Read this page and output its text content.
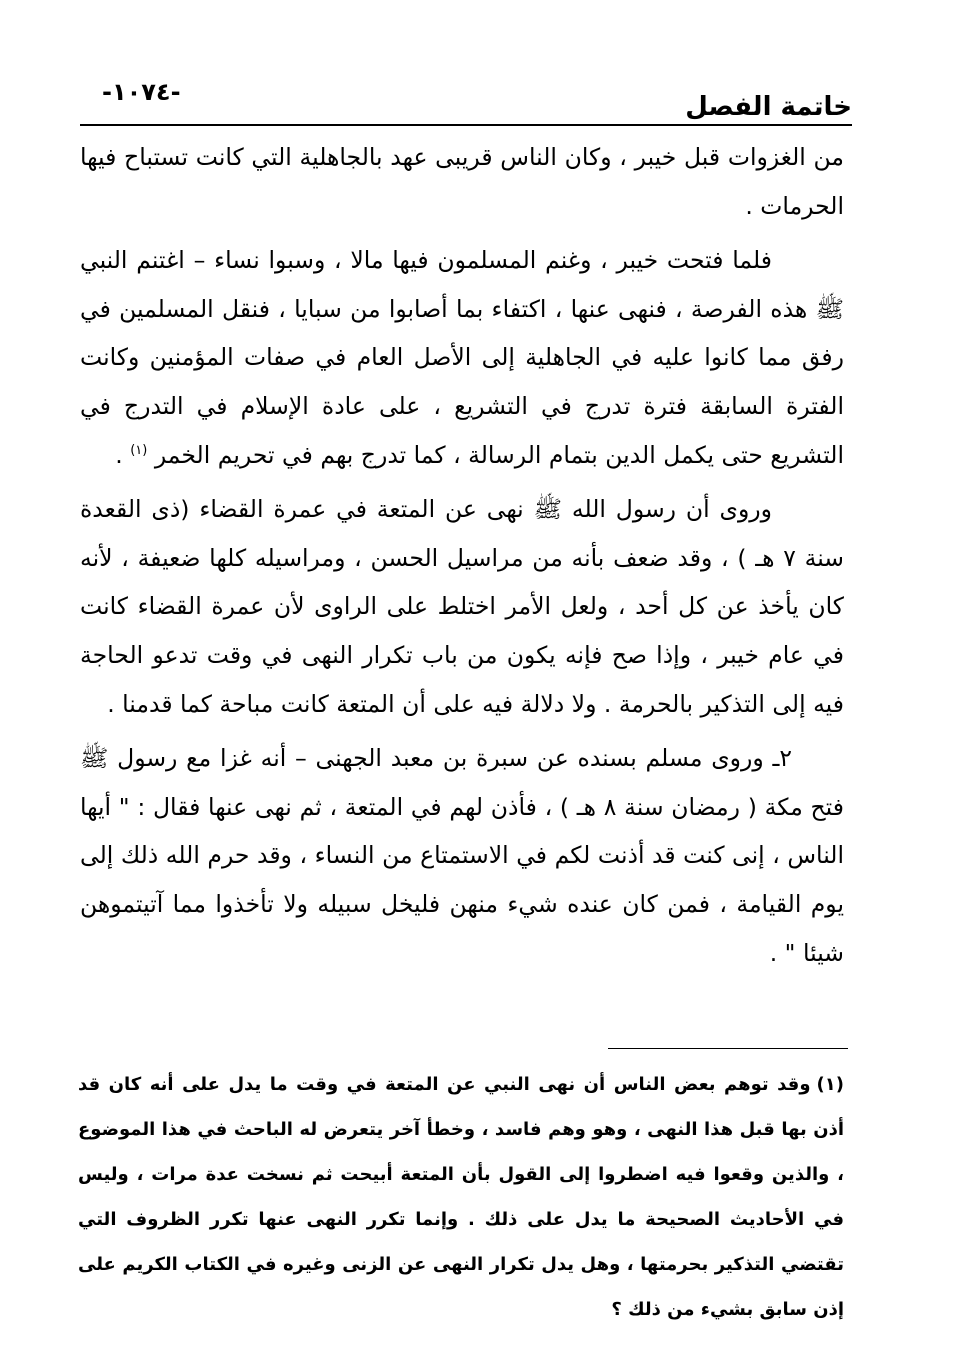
-١٠٧٤-	خاتمة الفصل

من الغزوات قبل خيبر ، وكان الناس قريبى عهد بالجاهلية التي كانت تستباح فيها الحرمات .

فلما فتحت خيبر ، وغنم المسلمون فيها مالا ، وسبوا نساء – اغتنم النبي ﷺ هذه الفرصة ، فنهى عنها ، اكتفاء بما أصابوا من سبايا ، فنقل المسلمين في رفق مما كانوا عليه في الجاهلية إلى الأصل العام في صفات المؤمنين وكانت الفترة السابقة فترة تدرج في التشريع ، على عادة الإسلام في التدرج في التشريع حتى يكمل الدين بتمام الرسالة ، كما تدرج بهم في تحريم الخمر $^{(١)}$ .

وروى أن رسول الله ﷺ نهى عن المتعة في عمرة القضاء (ذى القعدة سنة ٧ هـ ) ، وقد ضعف بأنه من مراسيل الحسن ، ومراسيله كلها ضعيفة ، لأنه كان يأخذ عن كل أحد ، ولعل الأمر اختلط على الراوى لأن عمرة القضاء كانت في عام خيبر ، وإذا صح فإنه يكون من باب تكرار النهى في وقت تدعو الحاجة فيه إلى التذكير بالحرمة . ولا دلالة فيه على أن المتعة كانت مباحة كما قدمنا .

٢ـ وروى مسلم بسنده عن سبرة بن معبد الجهنى – أنه غزا مع رسول ﷺ فتح مكة ( رمضان سنة ٨ هـ ) ، فأذن لهم في المتعة ، ثم نهى عنها فقال : " أيها الناس ، إنى كنت قد أذنت لكم في الاستمتاع من النساء ، وقد حرم الله ذلك إلى يوم القيامة ، فمن كان عنده شيء منهن فليخل سبيله ولا تأخذوا مما آتيتموهن شيئا " .

(١)وقد توهم بعض الناس أن نهى النبي عن المتعة في وقت ما يدل على أنه كان قد أذن بها قبل هذا النهى ، وهو وهم فاسد ، وخطأ آخر يتعرض له الباحث في هذا الموضوع ، والذين وقعوا فيه اضطروا إلى القول بأن المتعة أبيحت ثم نسخت عدة مرات ، وليس في الأحاديث الصحيحة ما يدل على ذلك . وإنما تكرر النهى عنها تكرر الظروف التي تقتضي التذكير بحرمتها ، وهل يدل تكرار النهى عن الزنى وغيره في الكتاب الكريم على إذن سابق بشيء من ذلك ؟
